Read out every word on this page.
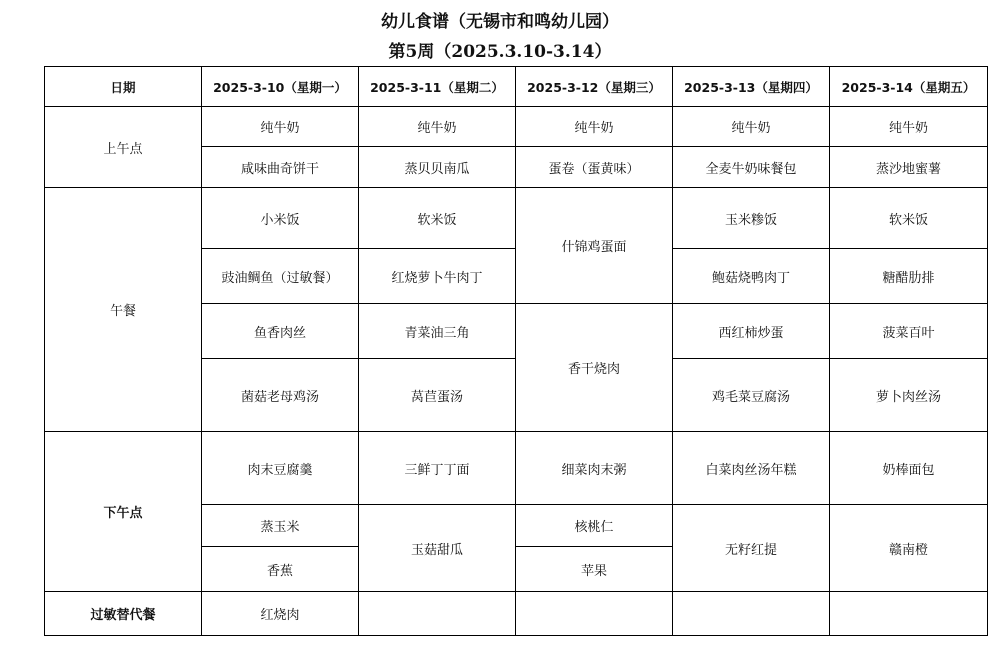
幼儿食谱（无锡市和鸣幼儿园）
第5周（2025.3.10-3.14）
日期	2025-3-10（星期一）	2025-3-11（星期二）	2025-3-12（星期三）	2025-3-13（星期四）	2025-3-14（星期五）
上午点	纯牛奶	纯牛奶	纯牛奶	纯牛奶	纯牛奶
	咸味曲奇饼干	蒸贝贝南瓜	蛋卷（蛋黄味）	全麦牛奶味餐包	蒸沙地蜜薯
午餐	小米饭	软米饭	什锦鸡蛋面	玉米糁饭	软米饭
	豉油鲷鱼（过敏餐）	红烧萝卜牛肉丁		鲍菇烧鸭肉丁	糖醋肋排
	鱼香肉丝	青菜油三角	香干烧肉	西红柿炒蛋	菠菜百叶
	菌菇老母鸡汤	莴苣蛋汤		鸡毛菜豆腐汤	萝卜肉丝汤
下午点	肉末豆腐羹	三鲜丁丁面	细菜肉末粥	白菜肉丝汤年糕	奶棒面包
	蒸玉米	玉菇甜瓜	核桃仁	无籽红提	赣南橙
	香蕉		苹果		
过敏替代餐	红烧肉				
